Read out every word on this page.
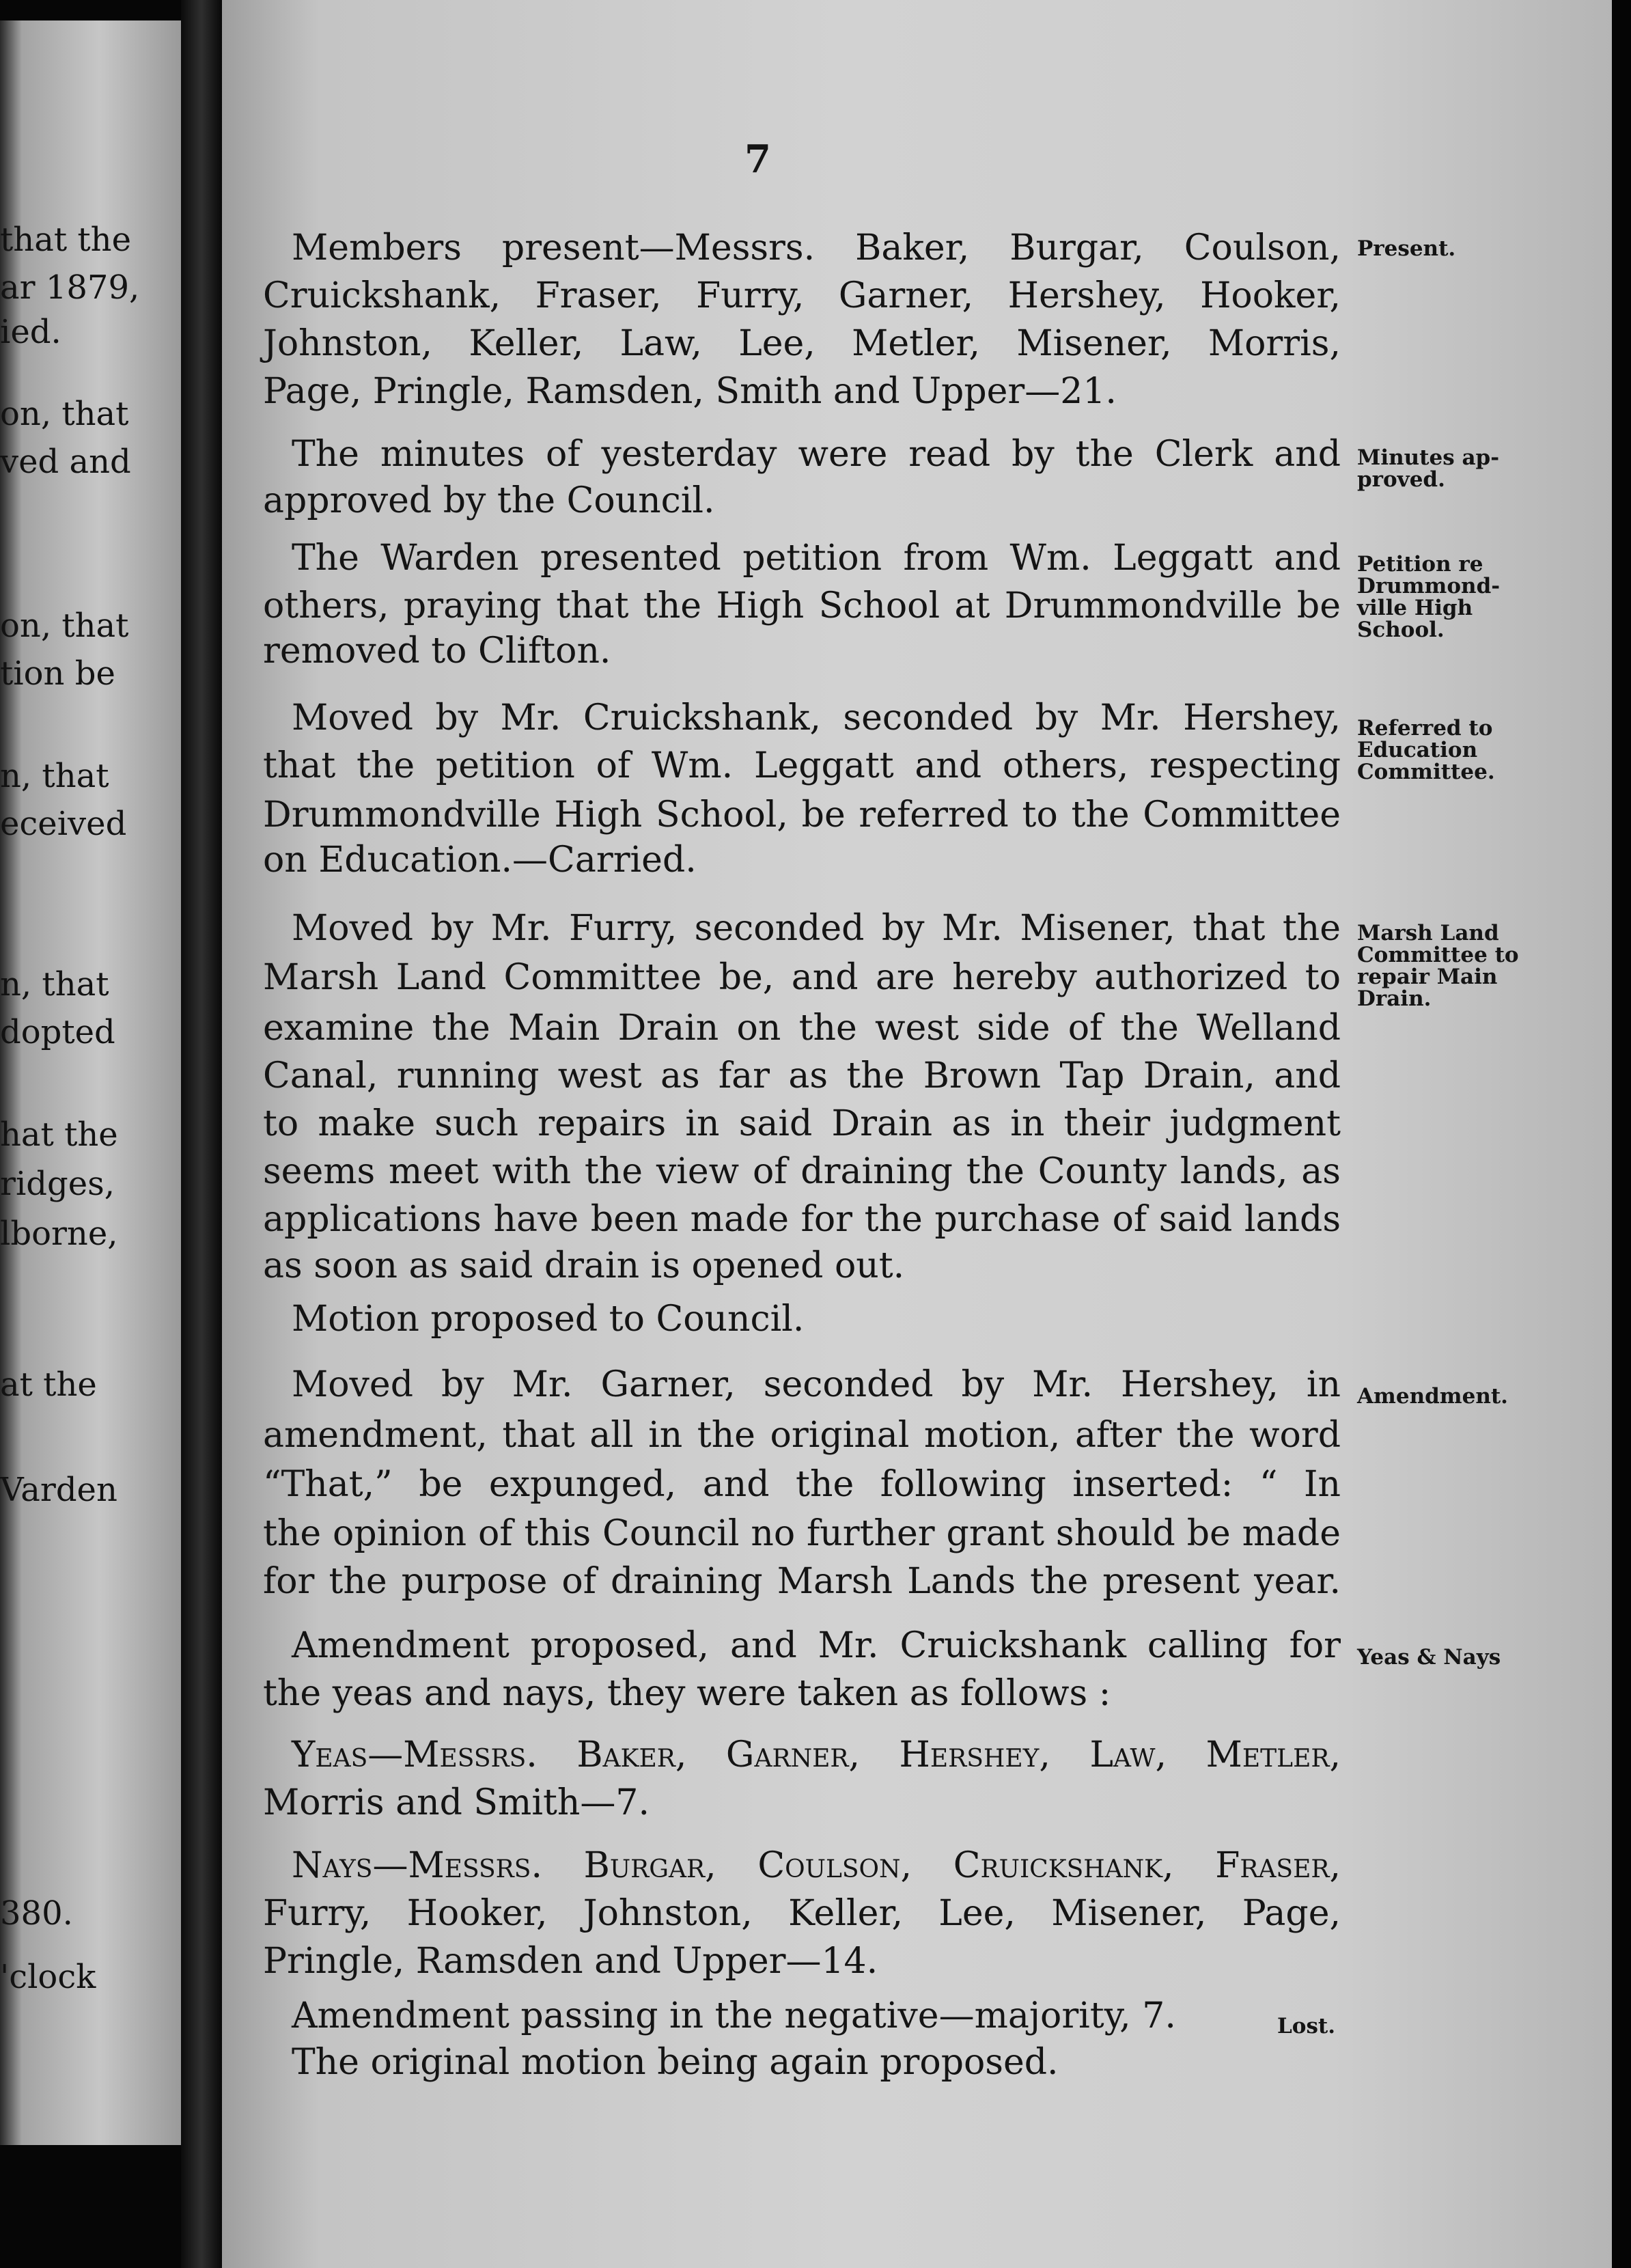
that the
ar 1879,
ied.
on, that
ved and
on, that
tion be
n, that
eceived
n, that
dopted
hat the
ridges,
lborne,
at the
Varden
380.
'clock
7
Members present—Messrs. Baker, Burgar, Coulson,
Cruickshank, Fraser, Furry, Garner, Hershey, Hooker,
Johnston, Keller, Law, Lee, Metler, Misener, Morris,
Page, Pringle, Ramsden, Smith and Upper—21.
The minutes of yesterday were read by the Clerk and
approved by the Council.
The Warden presented petition from Wm. Leggatt and
others, praying that the High School at Drummondville be
removed to Clifton.
Moved by Mr. Cruickshank, seconded by Mr. Hershey,
that the petition of Wm. Leggatt and others, respecting
Drummondville High School, be referred to the Committee
on Education.—Carried.
Moved by Mr. Furry, seconded by Mr. Misener, that the
Marsh Land Committee be, and are hereby authorized to
examine the Main Drain on the west side of the Welland
Canal, running west as far as the Brown Tap Drain, and
to make such repairs in said Drain as in their judgment
seems meet with the view of draining the County lands, as
applications have been made for the purchase of said lands
as soon as said drain is opened out.
Motion proposed to Council.
Moved by Mr. Garner, seconded by Mr. Hershey, in
amendment, that all in the original motion, after the word
“That,” be expunged, and the following inserted: “ In
the opinion of this Council no further grant should be made
for the purpose of draining Marsh Lands the present year.
Amendment proposed, and Mr. Cruickshank calling for
the yeas and nays, they were taken as follows :
Yeas—Messrs. Baker, Garner, Hershey, Law, Metler,
Morris and Smith—7.
Nays—Messrs. Burgar, Coulson, Cruickshank, Fraser,
Furry, Hooker, Johnston, Keller, Lee, Misener, Page,
Pringle, Ramsden and Upper—14.
Amendment passing in the negative—majority, 7.
The original motion being again proposed.
Present.
Minutes ap-
proved.
Petition re
Drummond-
ville High
School.
Referred to
Education
Committee.
Marsh Land
Committee to
repair Main
Drain.
Amendment.
Yeas & Nays
Lost.
